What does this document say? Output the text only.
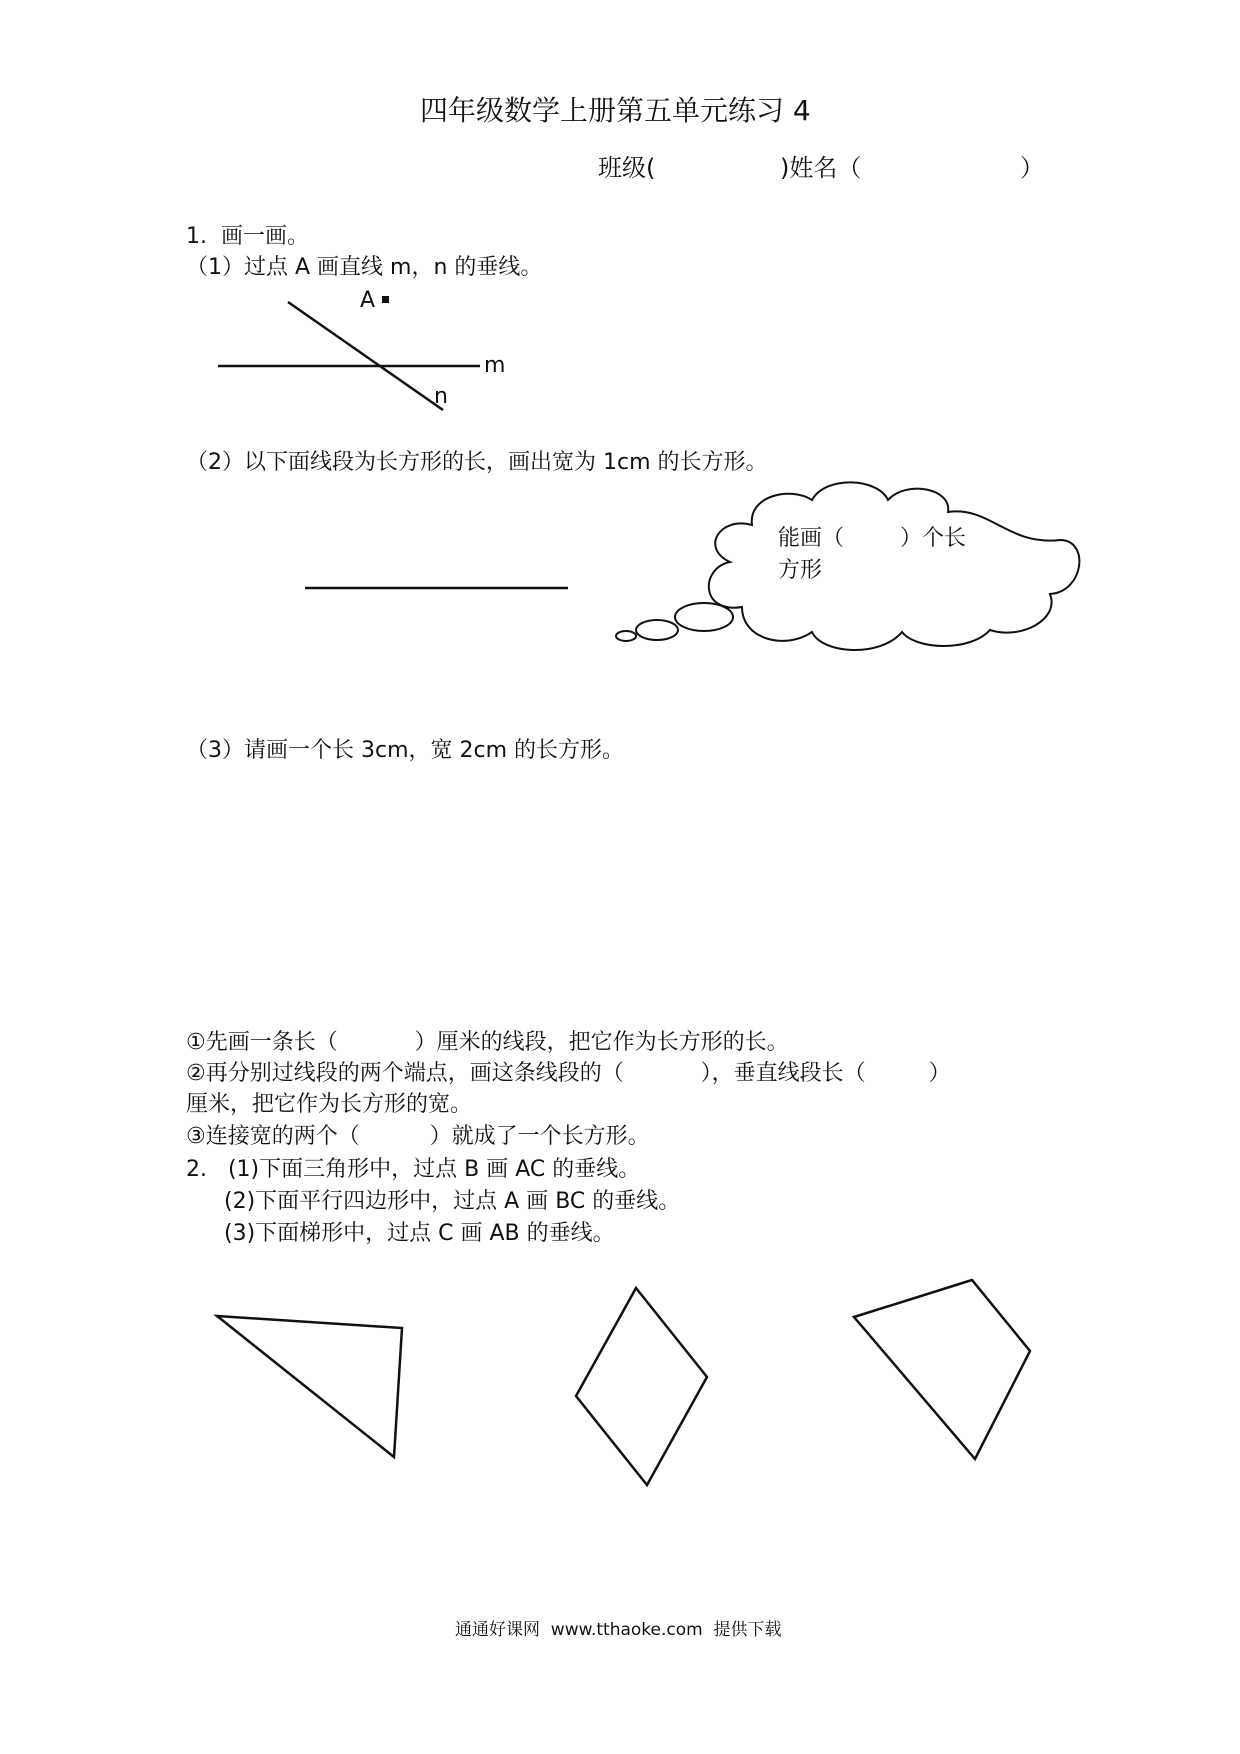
四年级数学上册第五单元练习 4
班级(	)姓名（	）
1.  画一画。
（1）过点 A 画直线 m，n 的垂线。
A
m
n
（2）以下面线段为长方形的长，画出宽为 1cm 的长方形。
能画（        ）个长
方形
（3）请画一个长 3cm，宽 2cm 的长方形。
①先画一条长（           ）厘米的线段，把它作为长方形的长。
②再分别过线段的两个端点，画这条线段的（           ），垂直线段长（         ）
厘米，把它作为长方形的宽。
③连接宽的两个（          ）就成了一个长方形。
2.   (1)下面三角形中，过点 B 画 AC 的垂线。
(2)下面平行四边形中，过点 A 画 BC 的垂线。
(3)下面梯形中，过点 C 画 AB 的垂线。
通通好课网  www.tthaoke.com  提供下载
